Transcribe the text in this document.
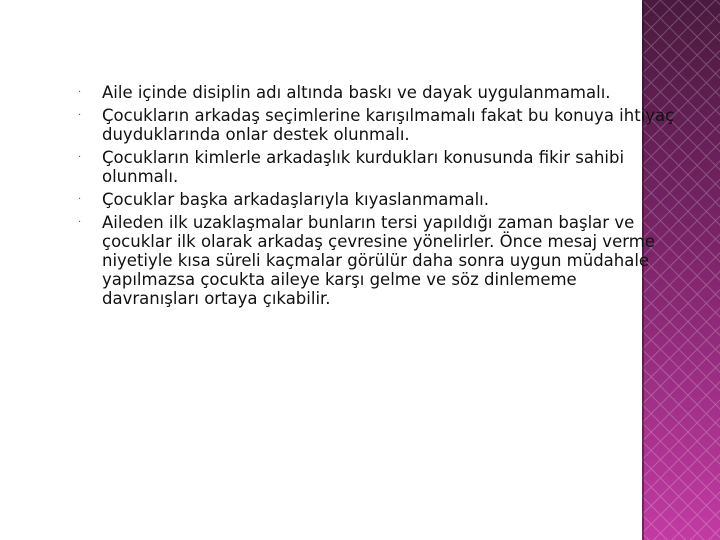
· Aile içinde disiplin adı altında baskı ve dayak uygulanmamalı.
· Çocukların arkadaş seçimlerine karışılmamalı fakat bu konuya ihtiyaç duyduklarında onlar destek olunmalı.
· Çocukların kimlerle arkadaşlık kurdukları konusunda fikir sahibi olunmalı.
· Çocuklar başka arkadaşlarıyla kıyaslanmamalı.
· Aileden ilk uzaklaşmalar bunların tersi yapıldığı zaman başlar ve çocuklar ilk olarak arkadaş çevresine yönelirler. Önce mesaj verme niyetiyle kısa süreli kaçmalar görülür daha sonra uygun müdahale yapılmazsa çocukta aileye karşı gelme ve söz dinlememe davranışları ortaya çıkabilir.
